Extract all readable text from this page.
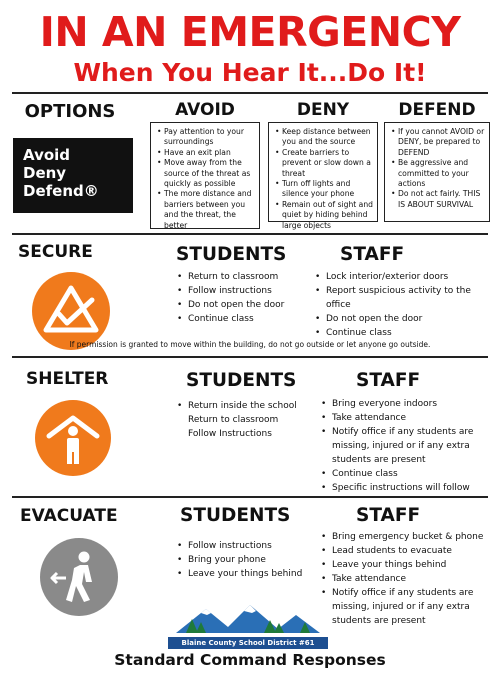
IN AN EMERGENCY
When You Hear It...Do It!
OPTIONS
Avoid
Deny
Defend®
AVOID
• Pay attention to your surroundings
• Have an exit plan
• Move away from the source of the threat as quickly as possible
• The more distance and barriers between you and the threat, the better
DENY
• Keep distance between you and the source
• Create barriers to prevent or slow down a threat
• Turn off lights and silence your phone
• Remain out of sight and quiet by hiding behind large objects
DEFEND
• If you cannot AVOID or DENY, be prepared to DEFEND
• Be aggressive and committed to your actions
• Do not act fairly. THIS IS ABOUT SURVIVAL
SECURE	STUDENTS
• Return to classroom
• Follow instructions
• Do not open the door
• Continue class
STAFF
• Lock interior/exterior doors
• Report suspicious activity to the office
• Do not open the door
• Continue class
If permission is granted to move within the building, do not go outside or let anyone go outside.
SHELTER	STUDENTS
• Return inside the school
Return to classroom
Follow Instructions
STAFF
• Bring everyone indoors
• Take attendance
• Notify office if any students are
missing, injured or if any extra
students are present
• Continue class
• Specific instructions will follow
EVACUATE	STUDENTS
• Follow instructions
• Bring your phone
• Leave your things behind
STAFF
• Bring emergency bucket & phone
• Lead students to evacuate
• Leave your things behind
• Take attendance
• Notify office if any students are
missing, injured or if any extra
students are present
Blaine County School District #61
Standard Command Responses
